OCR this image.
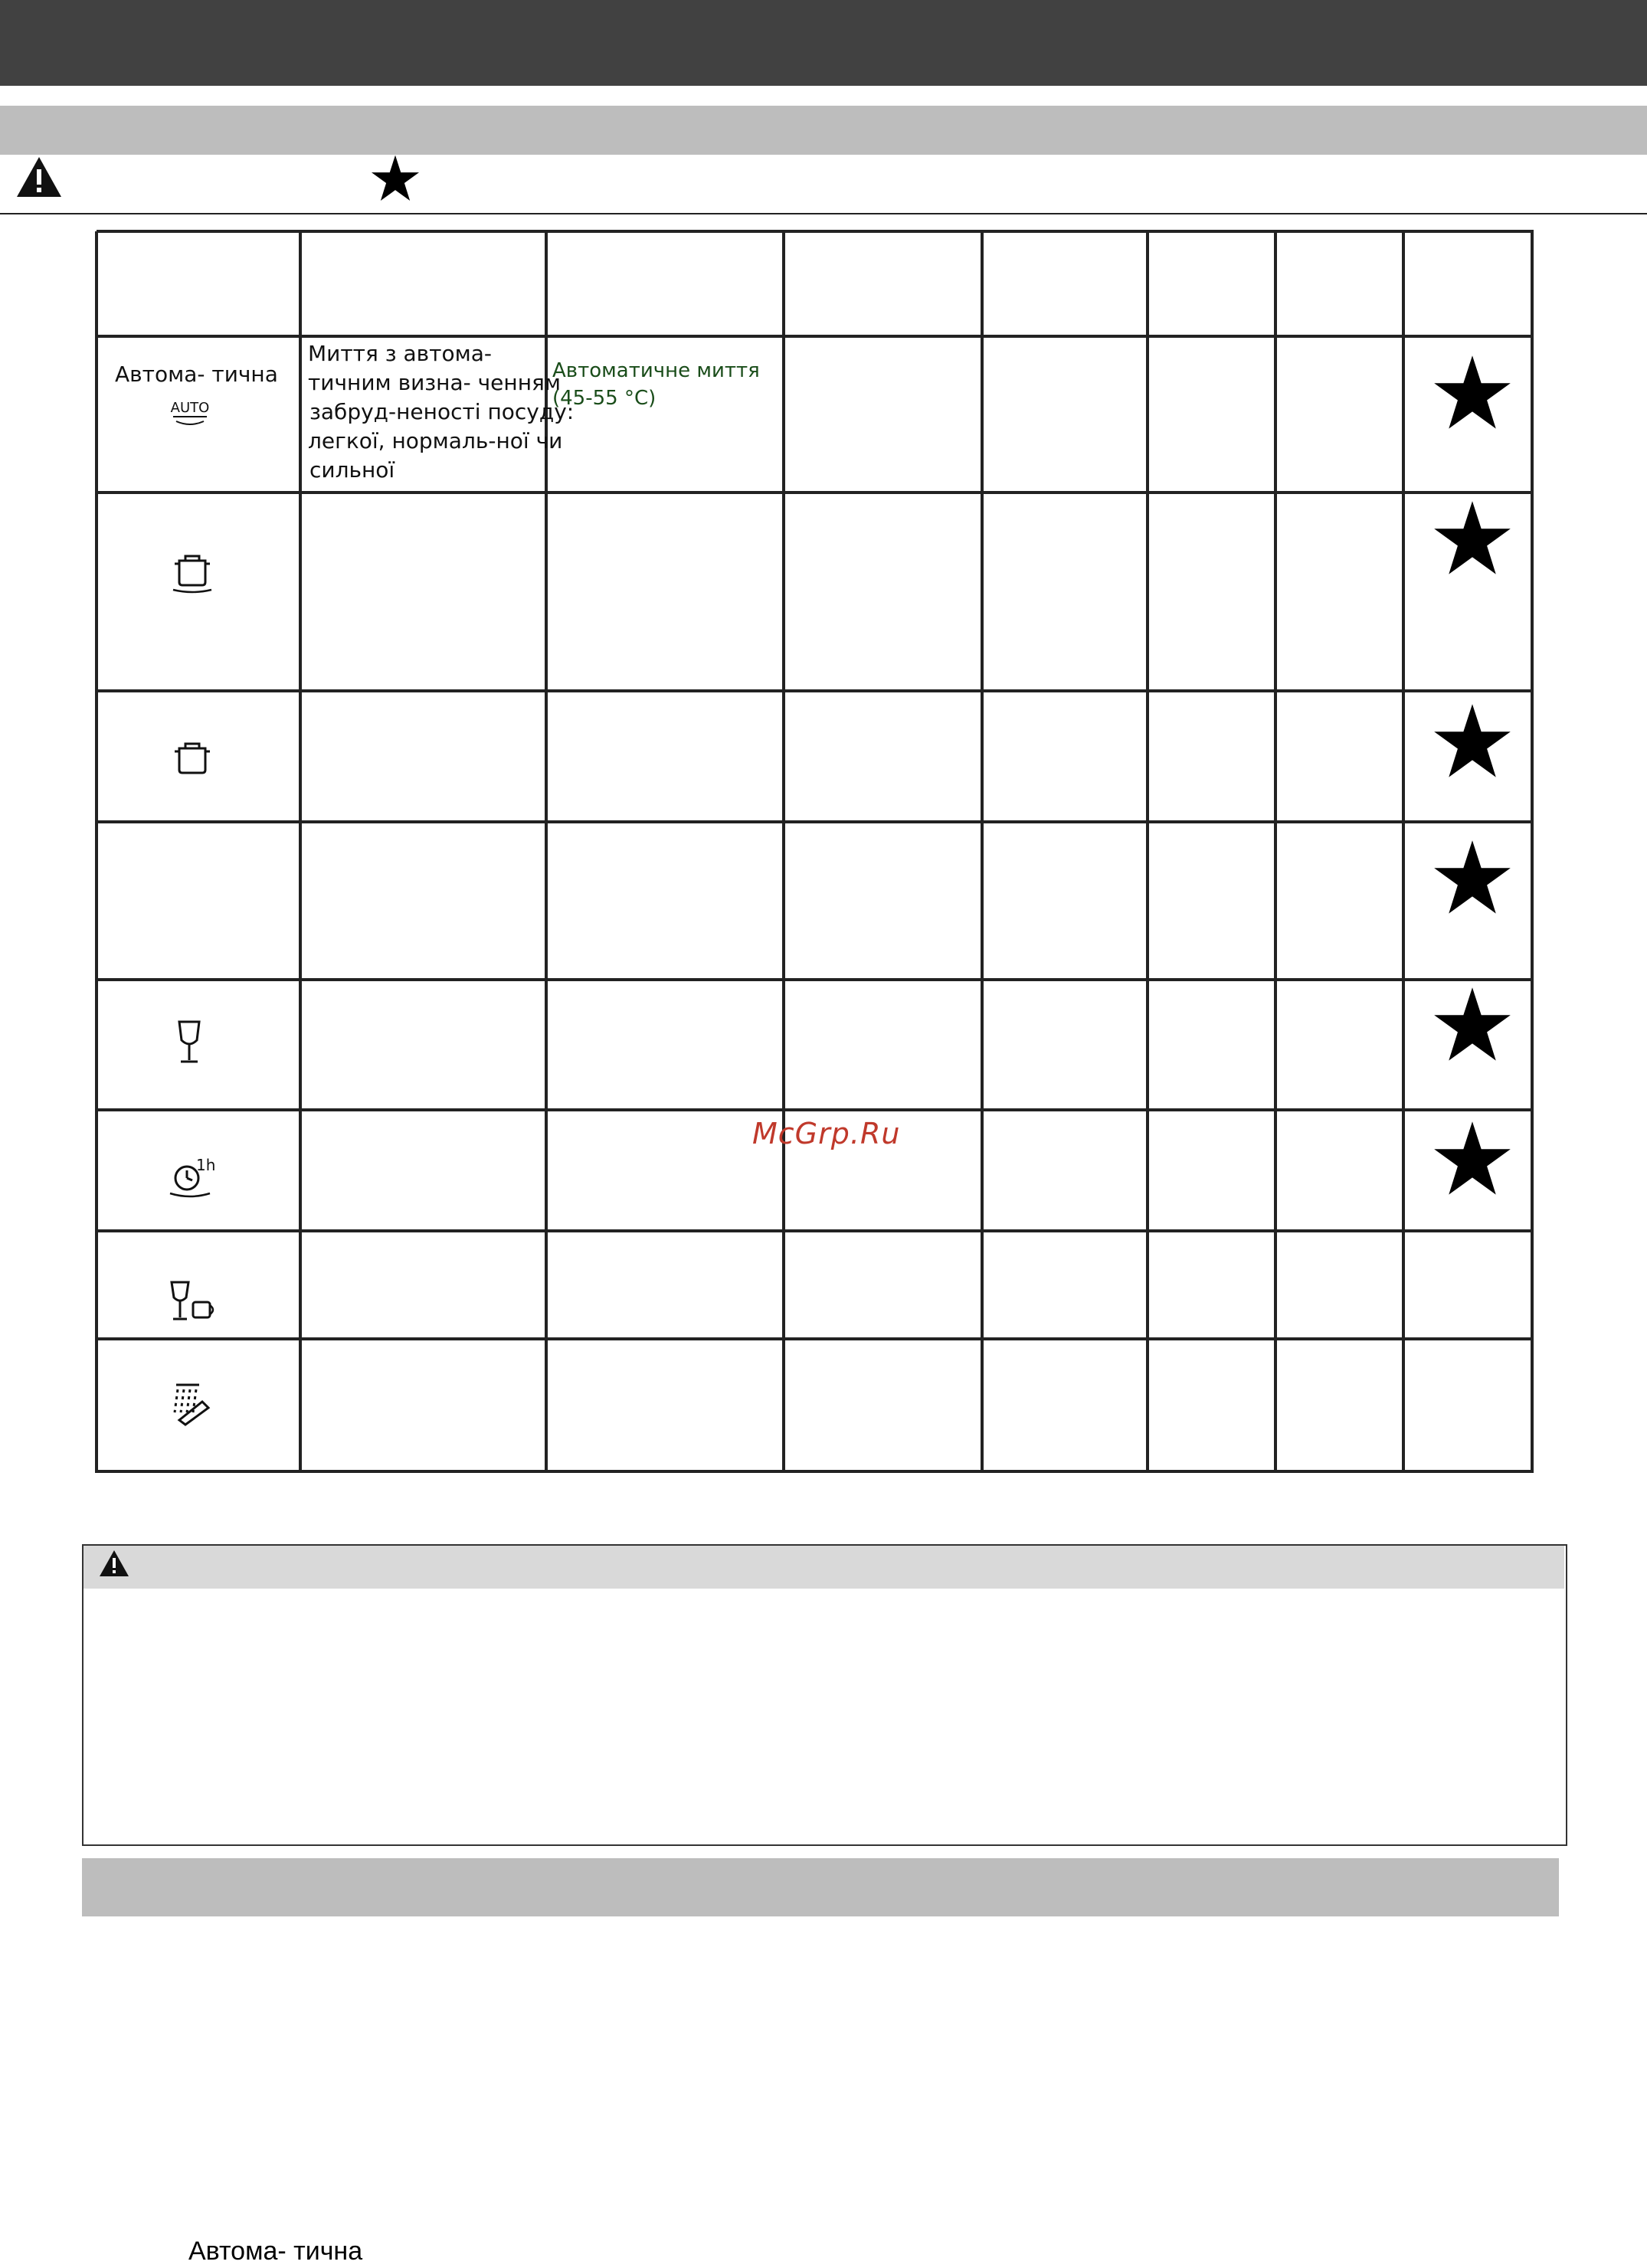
Автома- тична
AUTO
Миття з автома-
тичним визна- ченням
забруд-неності посуду:
легкої, нормаль-ної чи
сильної
Автоматичне миття
(45-55 °C)
1h
McGrp.Ru
Автома- тична
